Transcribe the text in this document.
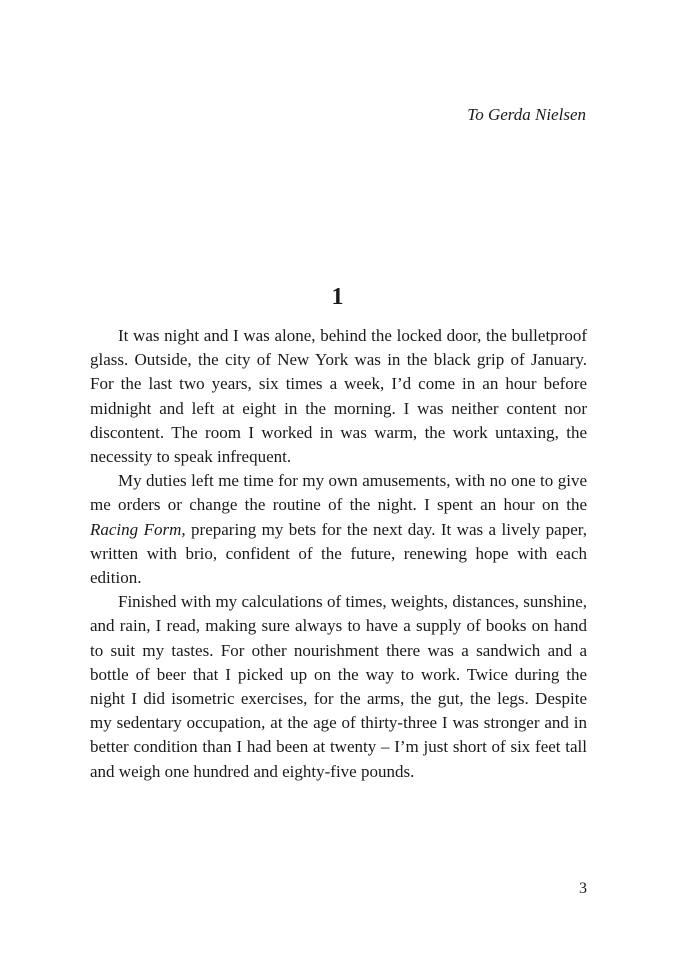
To Gerda Nielsen
1

It was night and I was alone, behind the locked door, the bulletproof glass. Outside, the city of New York was in the black grip of January. For the last two years, six times a week, I’d come in an hour before midnight and left at eight in the morning. I was neither content nor discontent. The room I worked in was warm, the work untaxing, the necessity to speak infrequent.

My duties left me time for my own amusements, with no one to give me orders or change the routine of the night. I spent an hour on the Racing Form, preparing my bets for the next day. It was a lively paper, written with brio, confident of the future, renewing hope with each edition.

Finished with my calculations of times, weights, distances, sunshine, and rain, I read, making sure always to have a supply of books on hand to suit my tastes. For other nourishment there was a sandwich and a bottle of beer that I picked up on the way to work. Twice during the night I did isometric exercises, for the arms, the gut, the legs. Despite my sedentary occupation, at the age of thirty-three I was stronger and in better condition than I had been at twenty – I’m just short of six feet tall and weigh one hundred and eighty-five pounds.

3
